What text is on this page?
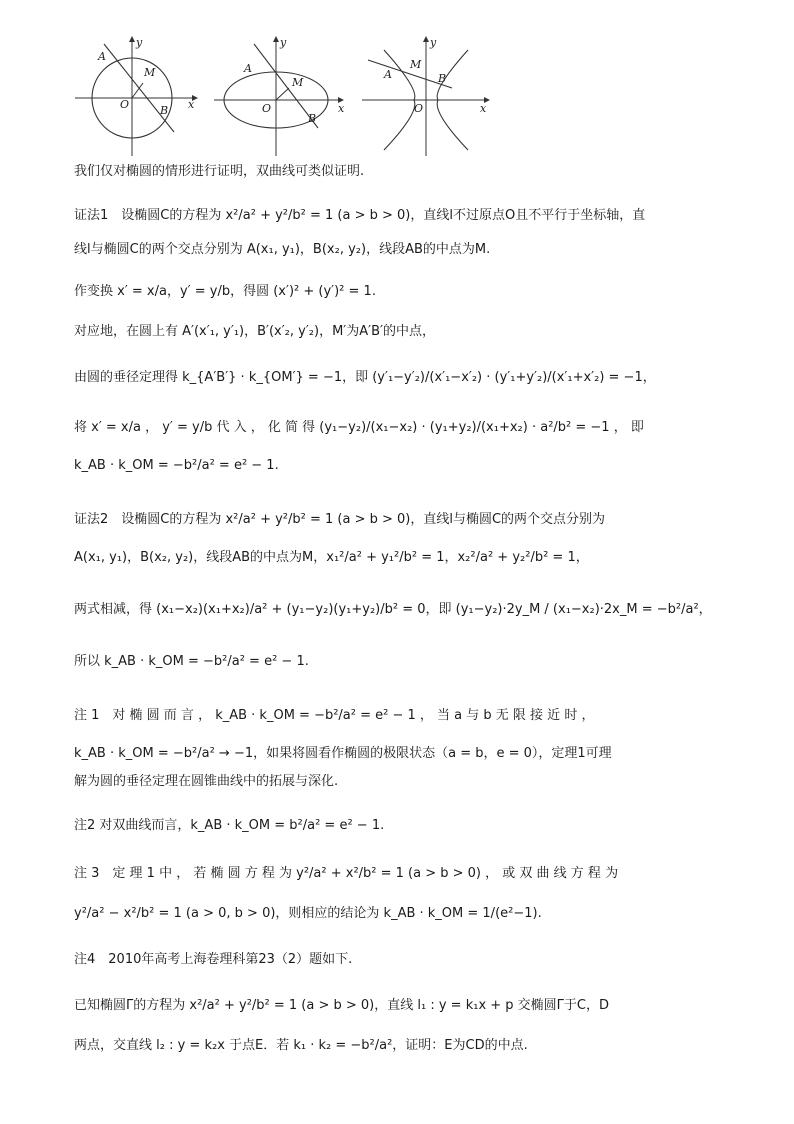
A
M
O	B x
y
A
M
O
B
x
y
A
M
B
O	x
y
我们仅对椭圆的情形进行证明，双曲线可类似证明.
证法1　设椭圆C的方程为 x²/a² + y²/b² = 1 (a > b > 0)，直线l不过原点O且不平行于坐标轴，直
线l与椭圆C的两个交点分别为 A(x₁, y₁)，B(x₂, y₂)，线段AB的中点为M.
作变换 x′ = x/a，y′ = y/b，得圆 (x′)² + (y′)² = 1.
对应地，在圆上有 A′(x′₁, y′₁)，B′(x′₂, y′₂)，M′为A′B′的中点，
由圆的垂径定理得 k_{A′B′} · k_{OM′} = −1，即 (y′₁−y′₂)/(x′₁−x′₂) · (y′₁+y′₂)/(x′₁+x′₂) = −1，
将 x′ = x/a ， y′ = y/b 代 入 ， 化 简 得 (y₁−y₂)/(x₁−x₂) · (y₁+y₂)/(x₁+x₂) · a²/b² = −1 ， 即
k_AB · k_OM = −b²/a² = e² − 1.
证法2　设椭圆C的方程为 x²/a² + y²/b² = 1 (a > b > 0)，直线l与椭圆C的两个交点分别为
A(x₁, y₁)，B(x₂, y₂)，线段AB的中点为M，x₁²/a² + y₁²/b² = 1，x₂²/a² + y₂²/b² = 1，
两式相减，得 (x₁−x₂)(x₁+x₂)/a² + (y₁−y₂)(y₁+y₂)/b² = 0，即 (y₁−y₂)·2y_M / (x₁−x₂)·2x_M = −b²/a²，
所以 k_AB · k_OM = −b²/a² = e² − 1.
注 1　对 椭 圆 而 言 ， k_AB · k_OM = −b²/a² = e² − 1 ， 当 a 与 b 无 限 接 近 时 ，
k_AB · k_OM = −b²/a² → −1，如果将圆看作椭圆的极限状态（a = b，e = 0），定理1可理
解为圆的垂径定理在圆锥曲线中的拓展与深化.
注2 对双曲线而言，k_AB · k_OM = b²/a² = e² − 1.
注 3　定 理 1 中 ， 若 椭 圆 方 程 为 y²/a² + x²/b² = 1 (a > b > 0) ， 或 双 曲 线 方 程 为
y²/a² − x²/b² = 1 (a > 0, b > 0)，则相应的结论为 k_AB · k_OM = 1/(e²−1).
注4　2010年高考上海卷理科第23（2）题如下.
已知椭圆Γ的方程为 x²/a² + y²/b² = 1 (a > b > 0)，直线 l₁ : y = k₁x + p 交椭圆Γ于C，D
两点，交直线 l₂ : y = k₂x 于点E．若 k₁ · k₂ = −b²/a²，证明：E为CD的中点.
